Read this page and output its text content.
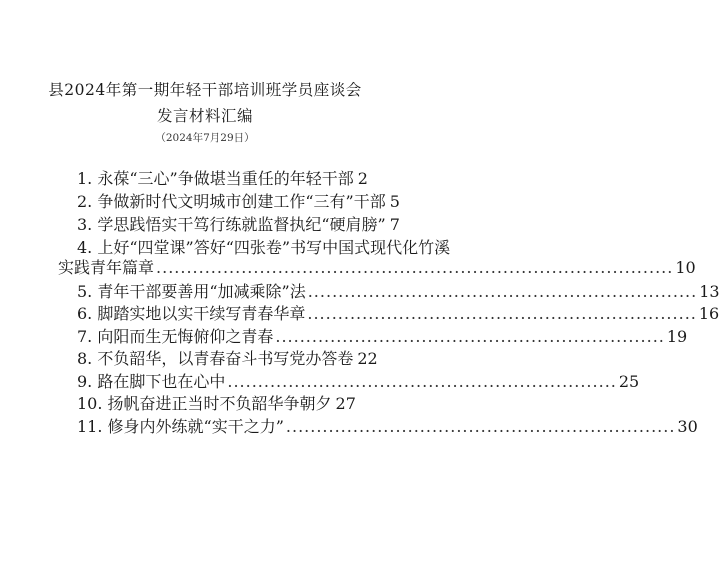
县2024年第一期年轻干部培训班学员座谈会
发言材料汇编
（2024年7月29日）
1. 永葆“三心”争做堪当重任的年轻干部 2
2. 争做新时代文明城市创建工作“三有”干部 5
3. 学思践悟实干笃行练就监督执纪“硬肩膀” 7
4. 上好“四堂课”答好“四张卷”书写中国式现代化竹溪
实践青年篇章 ..................................................................................... 10
5. 青年干部要善用“加减乘除”法 ................................................................ 13
6. 脚踏实地以实干续写青春华章 ................................................................ 16
7. 向阳而生无悔俯仰之青春 ................................................................ 19
8. 不负韶华，以青春奋斗书写党办答卷 22
9. 路在脚下也在心中 ................................................................ 25
10. 扬帆奋进正当时不负韶华争朝夕 27
11. 修身内外练就“实干之力” ................................................................ 30
